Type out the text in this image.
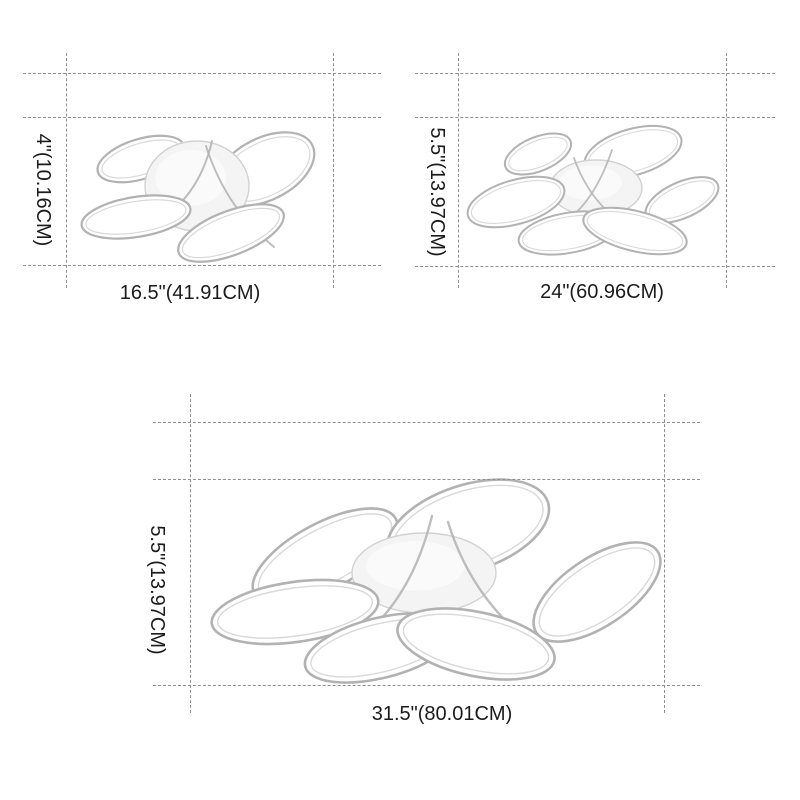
4"(10.16CM)
16.5"(41.91CM)
5.5"(13.97CM)
24"(60.96CM)
5.5"(13.97CM)
31.5"(80.01CM)
